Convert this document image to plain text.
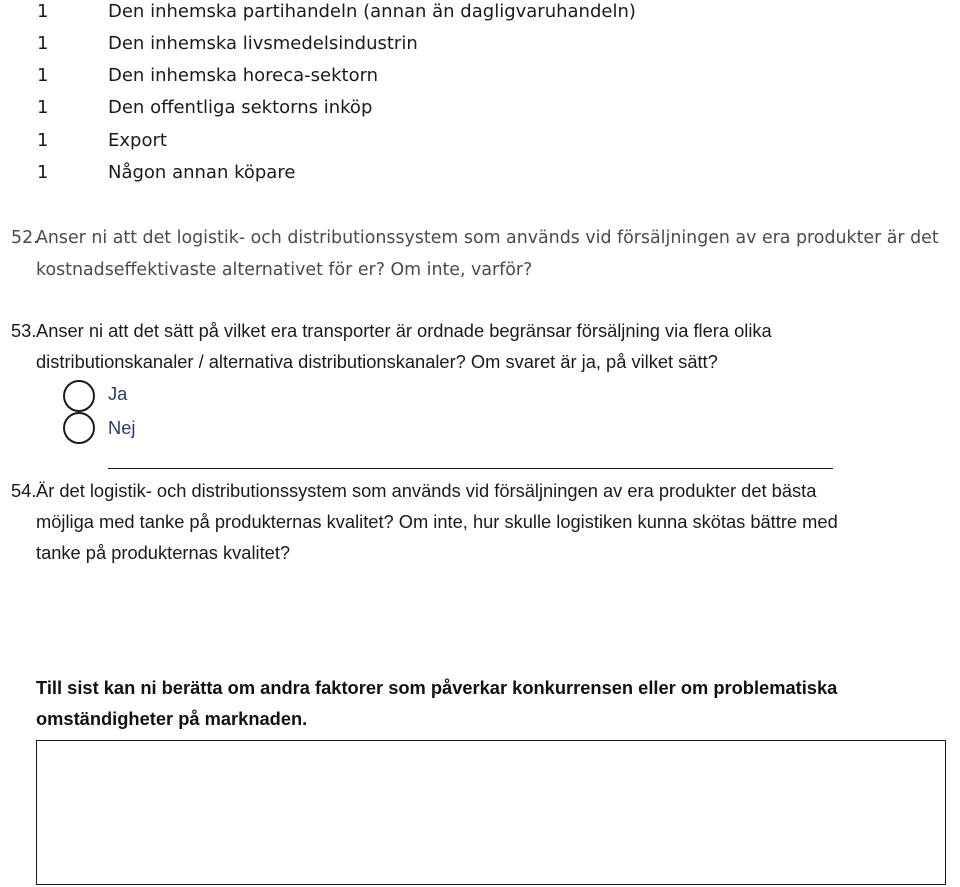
1	Den inhemska partihandeln (annan än dagligvaruhandeln)
1	Den inhemska livsmedelsindustrin
1	Den inhemska horeca-sektorn
1	Den offentliga sektorns inköp
1	Export
1	Någon annan köpare
52.
Anser ni att det logistik- och distributionssystem som används vid försäljningen av era produkter är det
kostnadseffektivaste alternativet för er? Om inte, varför?
53. Anser ni att det sätt på vilket era transporter är ordnade begränsar försäljning via flera olika
distributionskanaler / alternativa distributionskanaler? Om svaret är ja, på vilket sätt?
Ja
Nej
54. Är det logistik- och distributionssystem som används vid försäljningen av era produkter det bästa
möjliga med tanke på produkternas kvalitet? Om inte, hur skulle logistiken kunna skötas bättre med
tanke på produkternas kvalitet?
Till sist kan ni berätta om andra faktorer som påverkar konkurrensen eller om problematiska
omständigheter på marknaden.
